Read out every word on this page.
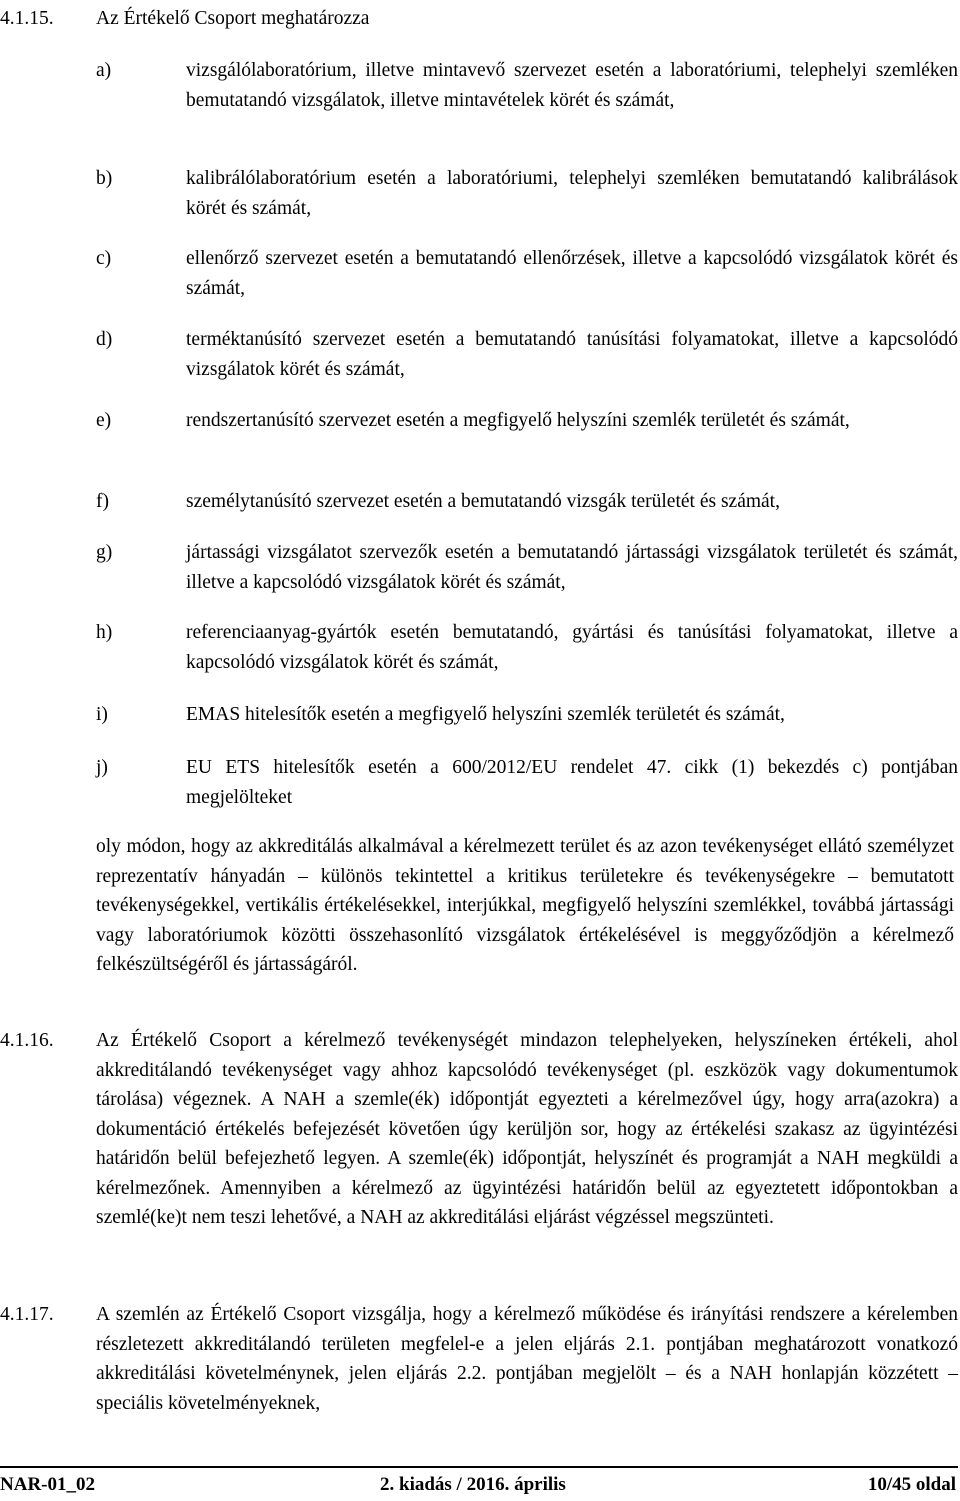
4.1.15. Az Értékelő Csoport meghatározza
a)	vizsgálólaboratórium, illetve mintavevő szervezet esetén a laboratóriumi, telephelyi szemléken bemutatandó vizsgálatok, illetve mintavételek körét és számát,
b)	kalibrálólaboratórium esetén a laboratóriumi, telephelyi szemléken bemutatandó kalibrálások körét és számát,
c)	ellenőrző szervezet esetén a bemutatandó ellenőrzések, illetve a kapcsolódó vizsgálatok körét és számát,
d)	terméktanúsító szervezet esetén a bemutatandó tanúsítási folyamatokat, illetve a kapcsolódó vizsgálatok körét és számát,
e)	rendszertanúsító szervezet esetén a megfigyelő helyszíni szemlék területét és számát,
f)	személytanúsító szervezet esetén a bemutatandó vizsgák területét és számát,
g)	jártassági vizsgálatot szervezők esetén a bemutatandó jártassági vizsgálatok területét és számát, illetve a kapcsolódó vizsgálatok körét és számát,
h)	referenciaanyag-gyártók esetén bemutatandó, gyártási és tanúsítási folyamatokat, illetve a kapcsolódó vizsgálatok körét és számát,
i)	EMAS hitelesítők esetén a megfigyelő helyszíni szemlék területét és számát,
j)	EU ETS hitelesítők esetén a 600/2012/EU rendelet 47. cikk (1) bekezdés c) pontjában megjelölteket
oly módon, hogy az akkreditálás alkalmával a kérelmezett terület és az azon tevékenységet ellátó személyzet reprezentatív hányadán – különös tekintettel a kritikus területekre és tevékenységekre – bemutatott tevékenységekkel, vertikális értékelésekkel, interjúkkal, megfigyelő helyszíni szemlékkel, továbbá jártassági vagy laboratóriumok közötti összehasonlító vizsgálatok értékelésével is meggyőződjön a kérelmező felkészültségéről és jártasságáról.
4.1.16. Az Értékelő Csoport a kérelmező tevékenységét mindazon telephelyeken, helyszíneken értékeli, ahol akkreditálandó tevékenységet vagy ahhoz kapcsolódó tevékenységet (pl. eszközök vagy dokumentumok tárolása) végeznek. A NAH a szemle(ék) időpontját egyezteti a kérelmezővel úgy, hogy arra(azokra) a dokumentáció értékelés befejezését követően úgy kerüljön sor, hogy az értékelési szakasz az ügyintézési határidőn belül befejezhető legyen. A szemle(ék) időpontját, helyszínét és programját a NAH megküldi a kérelmezőnek. Amennyiben a kérelmező az ügyintézési határidőn belül az egyeztetett időpontokban a szemlé(ke)t nem teszi lehetővé, a NAH az akkreditálási eljárást végzéssel megszünteti.
4.1.17. A szemlén az Értékelő Csoport vizsgálja, hogy a kérelmező működése és irányítási rendszere a kérelemben részletezett akkreditálandó területen megfelel-e a jelen eljárás 2.1. pontjában meghatározott vonatkozó akkreditálási követelménynek, jelen eljárás 2.2. pontjában megjelölt – és a NAH honlapján közzétett – speciális követelményeknek,
NAR-01_02	2. kiadás / 2016. április	10/45 oldal
